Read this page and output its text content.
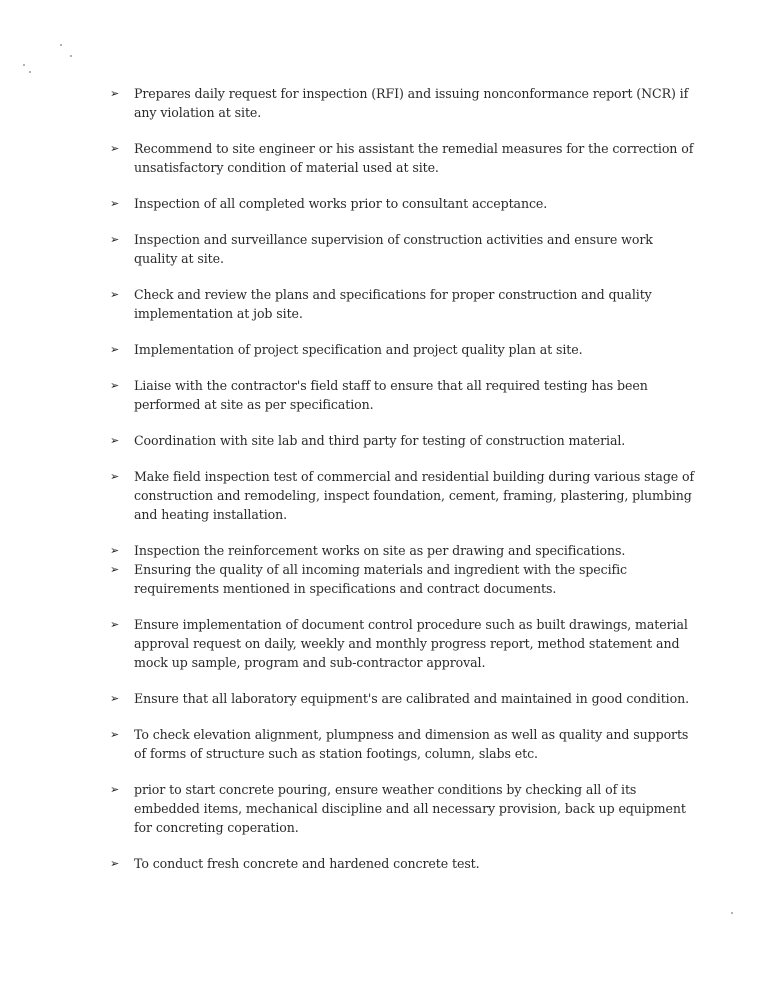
➢ Prepares daily request for inspection (RFI) and issuing nonconformance report (NCR) if any violation at site.
➢ Recommend to site engineer or his assistant the remedial measures for the correction of unsatisfactory condition of material used at site.
➢ Inspection of all completed works prior to consultant acceptance.
➢ Inspection and surveillance supervision of construction activities and ensure work quality at site.
➢ Check and review the plans and specifications for proper construction and quality implementation at job site.
➢ Implementation of project specification and project quality plan at site.
➢ Liaise with the contractor's field staff to ensure that all required testing has been performed at site as per specification.
➢ Coordination with site lab and third party for testing of construction material.
➢ Make field inspection test of commercial and residential building during various stage of construction and remodeling, inspect foundation, cement, framing, plastering, plumbing and heating installation.
➢ Inspection the reinforcement works on site as per drawing and specifications.
➢ Ensuring the quality of all incoming materials and ingredient with the specific requirements mentioned in specifications and contract documents.
➢ Ensure implementation of document control procedure such as built drawings, material approval request on daily, weekly and monthly progress report, method statement and mock up sample, program and sub-contractor approval.
➢ Ensure that all laboratory equipment's are calibrated and maintained in good condition.
➢ To check elevation alignment, plumpness and dimension as well as quality and supports of forms of structure such as station footings, column, slabs etc.
➢ prior to start concrete pouring, ensure weather conditions by checking all of its embedded items, mechanical discipline and all necessary provision, back up equipment for concreting coperation.
➢ To conduct fresh concrete and hardened concrete test.
